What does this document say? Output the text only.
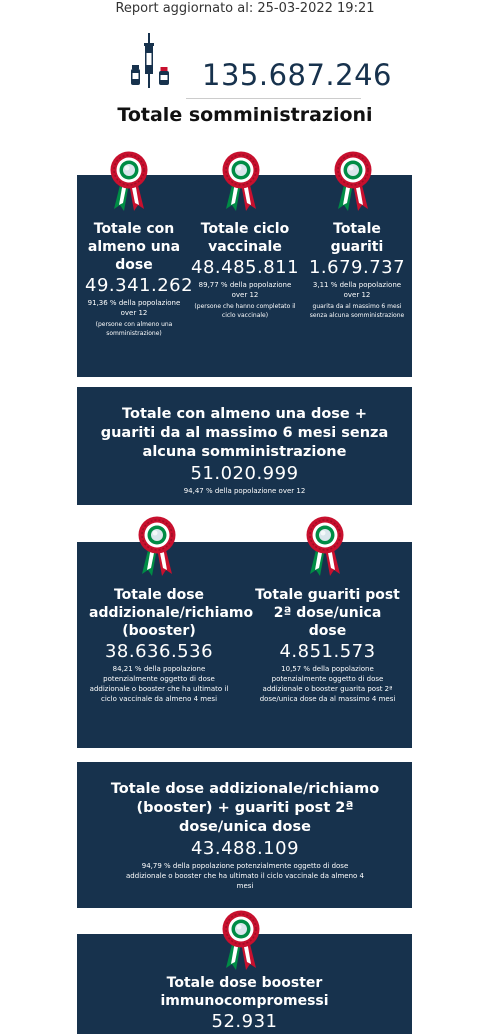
Report aggiornato al: 25-03-2022 19:21
135.687.246
Totale somministrazioni
Totale con almeno una dose
49.341.262
91,36 % della popolazione over 12
(persone con almeno una somministrazione)
Totale ciclo vaccinale
48.485.811
89,77 % della popolazione over 12
(persone che hanno completato il ciclo vaccinale)
Totale guariti
1.679.737
3,11 % della popolazione over 12
guarita da al massimo 6 mesi senza alcuna somministrazione
Totale con almeno una dose + guariti da al massimo 6 mesi senza alcuna somministrazione
51.020.999
94,47 % della popolazione over 12
Totale dose addizionale/richiamo (booster)
38.636.536
84,21 % della popolazione potenzialmente oggetto di dose addizionale o booster che ha ultimato il ciclo vaccinale da almeno 4 mesi
Totale guariti post 2ª dose/unica dose
4.851.573
10,57 % della popolazione potenzialmente oggetto di dose addizionale o booster guarita post 2ª dose/unica dose da al massimo 4 mesi
Totale dose addizionale/richiamo (booster) + guariti post 2ª dose/unica dose
43.488.109
94,79 % della popolazione potenzialmente oggetto di dose addizionale o booster che ha ultimato il ciclo vaccinale da almeno 4 mesi
Totale dose booster immunocompromessi
52.931
